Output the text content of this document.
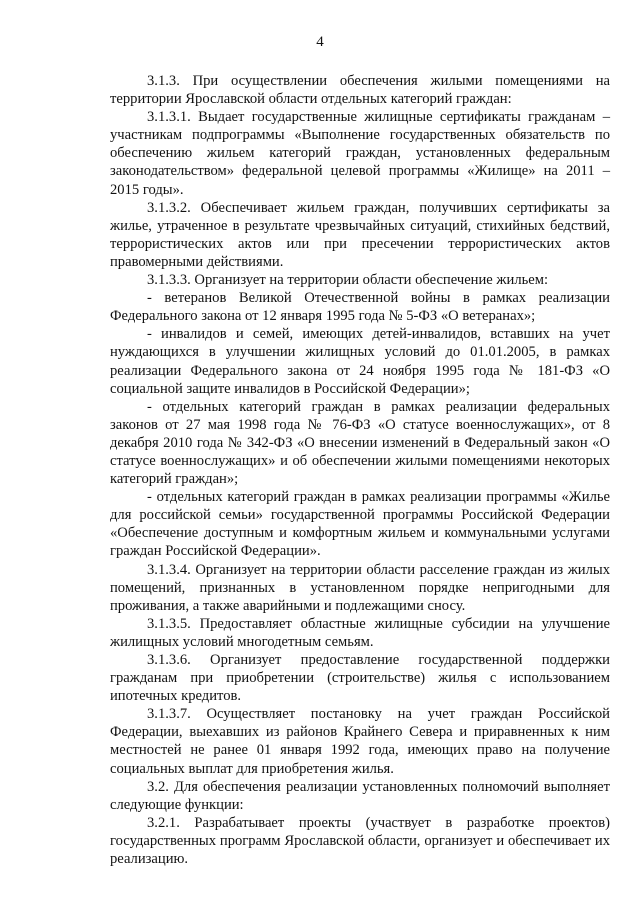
4

3.1.3. При осуществлении обеспечения жилыми помещениями на территории Ярославской области отдельных категорий граждан:

3.1.3.1. Выдает государственные жилищные сертификаты гражданам – участникам подпрограммы «Выполнение государственных обязательств по обеспечению жильем категорий граждан, установленных федеральным законодательством» федеральной целевой программы «Жилище» на 2011 – 2015 годы».

3.1.3.2. Обеспечивает жильем граждан, получивших сертификаты за жилье, утраченное в результате чрезвычайных ситуаций, стихийных бедствий, террористических актов или при пресечении террористических актов правомерными действиями.

3.1.3.3. Организует на территории области обеспечение жильем:

- ветеранов Великой Отечественной войны в рамках реализации Федерального закона от 12 января 1995 года № 5-ФЗ «О ветеранах»;

- инвалидов и семей, имеющих детей-инвалидов, вставших на учет нуждающихся в улучшении жилищных условий до 01.01.2005, в рамках реализации Федерального закона от 24 ноября 1995 года № 181-ФЗ «О социальной защите инвалидов в Российской Федерации»;

- отдельных категорий граждан в рамках реализации федеральных законов от 27 мая 1998 года № 76-ФЗ «О статусе военнослужащих», от 8 декабря 2010 года № 342-ФЗ «О внесении изменений в Федеральный закон «О статусе военнослужащих» и об обеспечении жилыми помещениями некоторых категорий граждан»;

- отдельных категорий граждан в рамках реализации программы «Жилье для российской семьи» государственной программы Российской Федерации «Обеспечение доступным и комфортным жильем и коммунальными услугами граждан Российской Федерации».

3.1.3.4. Организует на территории области расселение граждан из жилых помещений, признанных в установленном порядке непригодными для проживания, а также аварийными и подлежащими сносу.

3.1.3.5. Предоставляет областные жилищные субсидии на улучшение жилищных условий многодетным семьям.

3.1.3.6. Организует предоставление государственной поддержки гражданам при приобретении (строительстве) жилья с использованием ипотечных кредитов.

3.1.3.7. Осуществляет постановку на учет граждан Российской Федерации, выехавших из районов Крайнего Севера и приравненных к ним местностей не ранее 01 января 1992 года, имеющих право на получение социальных выплат для приобретения жилья.

3.2. Для обеспечения реализации установленных полномочий выполняет следующие функции:

3.2.1. Разрабатывает проекты (участвует в разработке проектов) государственных программ Ярославской области, организует и обеспечивает их реализацию.
